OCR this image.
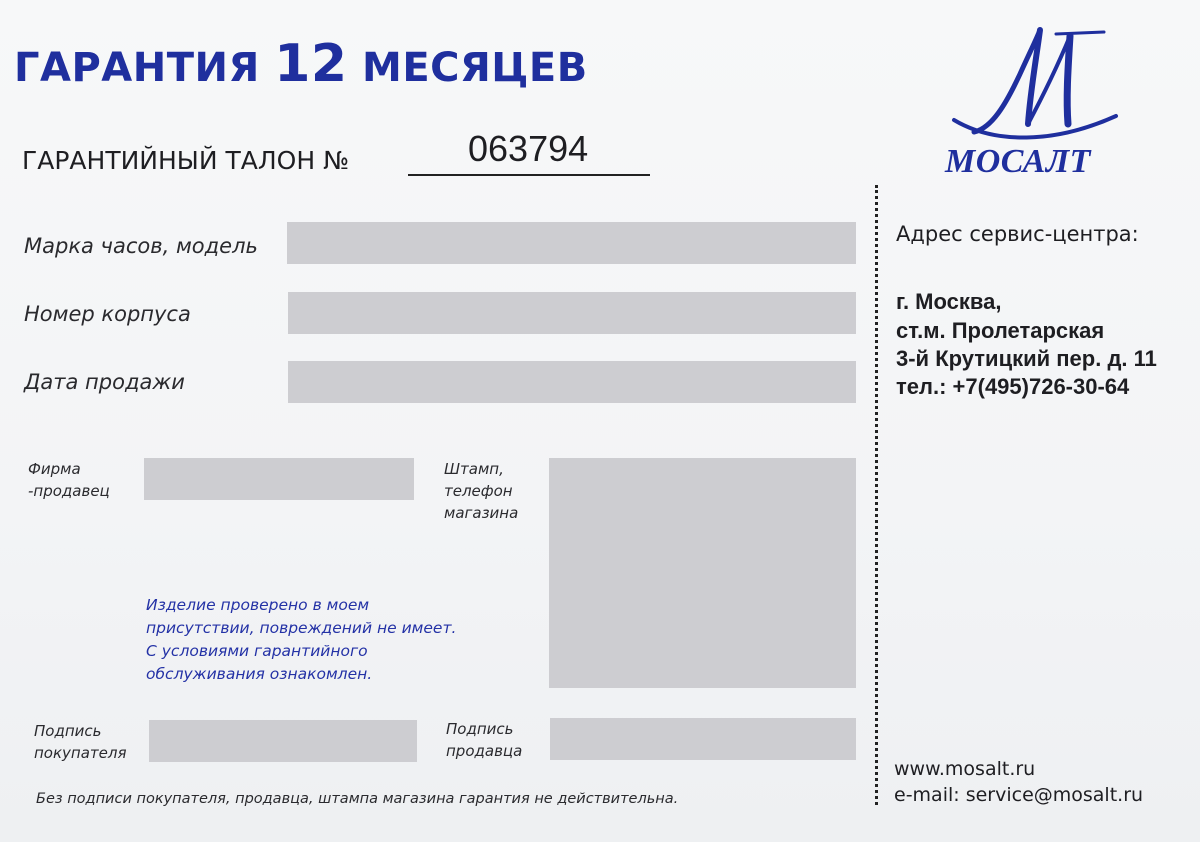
ГАРАНТИЯ 12 МЕСЯЦЕВ
ГАРАНТИЙНЫЙ ТАЛОН №	063794	МОСАЛТ
Марка часов, модель
Номер корпуса
Дата продажи
Фирма
-продавец
Штамп,
телефон
магазина
Изделие проверено в моем
присутствии, повреждений не имеет.
С условиями гарантийного
обслуживания ознакомлен.
Подпись
покупателя
Подпись
продавца
Без подписи покупателя, продавца, штампа магазина гарантия не действительна.
Адрес сервис-центра:
г. Москва,
ст.м. Пролетарская
3-й Крутицкий пер. д. 11
тел.: +7(495)726-30-64
www.mosalt.ru
e-mail: service@mosalt.ru
